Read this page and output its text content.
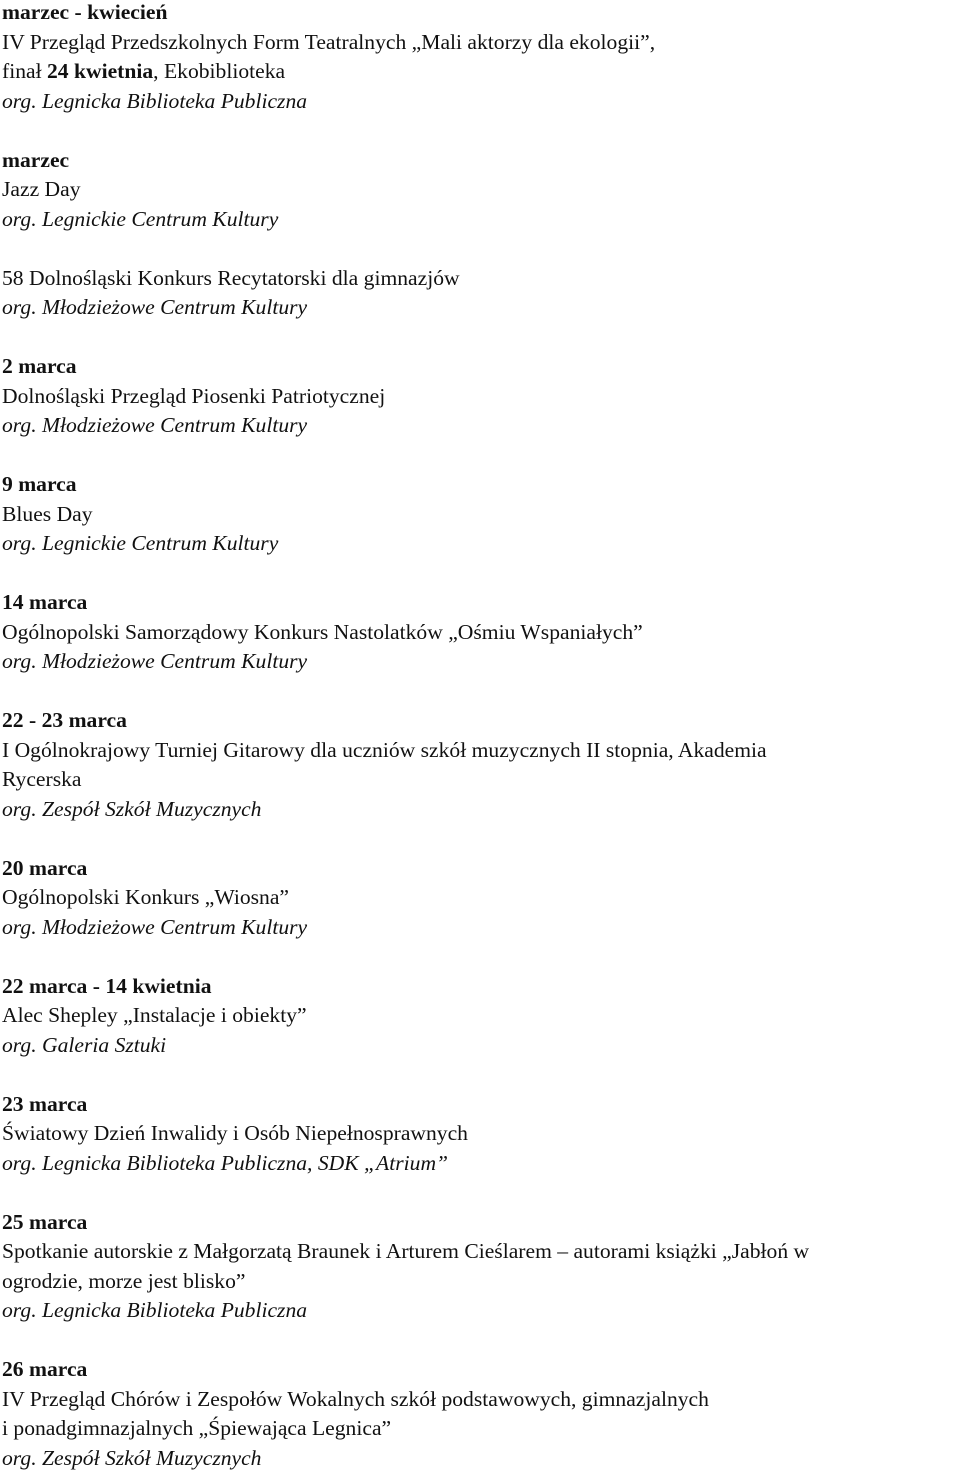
marzec - kwiecień
IV Przegląd Przedszkolnych Form Teatralnych „Mali aktorzy dla ekologii”,
finał 24 kwietnia, Ekobiblioteka
org. Legnicka Biblioteka Publiczna
marzec
Jazz Day
org. Legnickie Centrum Kultury
58 Dolnośląski Konkurs Recytatorski dla gimnazjów
org. Młodzieżowe Centrum Kultury
2 marca
Dolnośląski Przegląd Piosenki Patriotycznej
org. Młodzieżowe Centrum Kultury
9 marca
Blues Day
org. Legnickie Centrum Kultury
14 marca
Ogólnopolski Samorządowy Konkurs Nastolatków „Ośmiu Wspaniałych”
org. Młodzieżowe Centrum Kultury
22 - 23 marca
I Ogólnokrajowy Turniej Gitarowy dla uczniów szkół muzycznych II stopnia, Akademia
Rycerska
org. Zespół Szkół Muzycznych
20 marca
Ogólnopolski Konkurs „Wiosna”
org. Młodzieżowe Centrum Kultury
22 marca - 14 kwietnia
Alec Shepley „Instalacje i obiekty”
org. Galeria Sztuki
23 marca
Światowy Dzień Inwalidy i Osób Niepełnosprawnych
org. Legnicka Biblioteka Publiczna, SDK „Atrium”
25 marca
Spotkanie autorskie z Małgorzatą Braunek i Arturem Cieślarem – autorami książki „Jabłoń w
ogrodzie, morze jest blisko”
org. Legnicka Biblioteka Publiczna
26 marca
IV Przegląd Chórów i Zespołów Wokalnych szkół podstawowych, gimnazjalnych
i ponadgimnazjalnych „Śpiewająca Legnica”
org. Zespół Szkół Muzycznych
